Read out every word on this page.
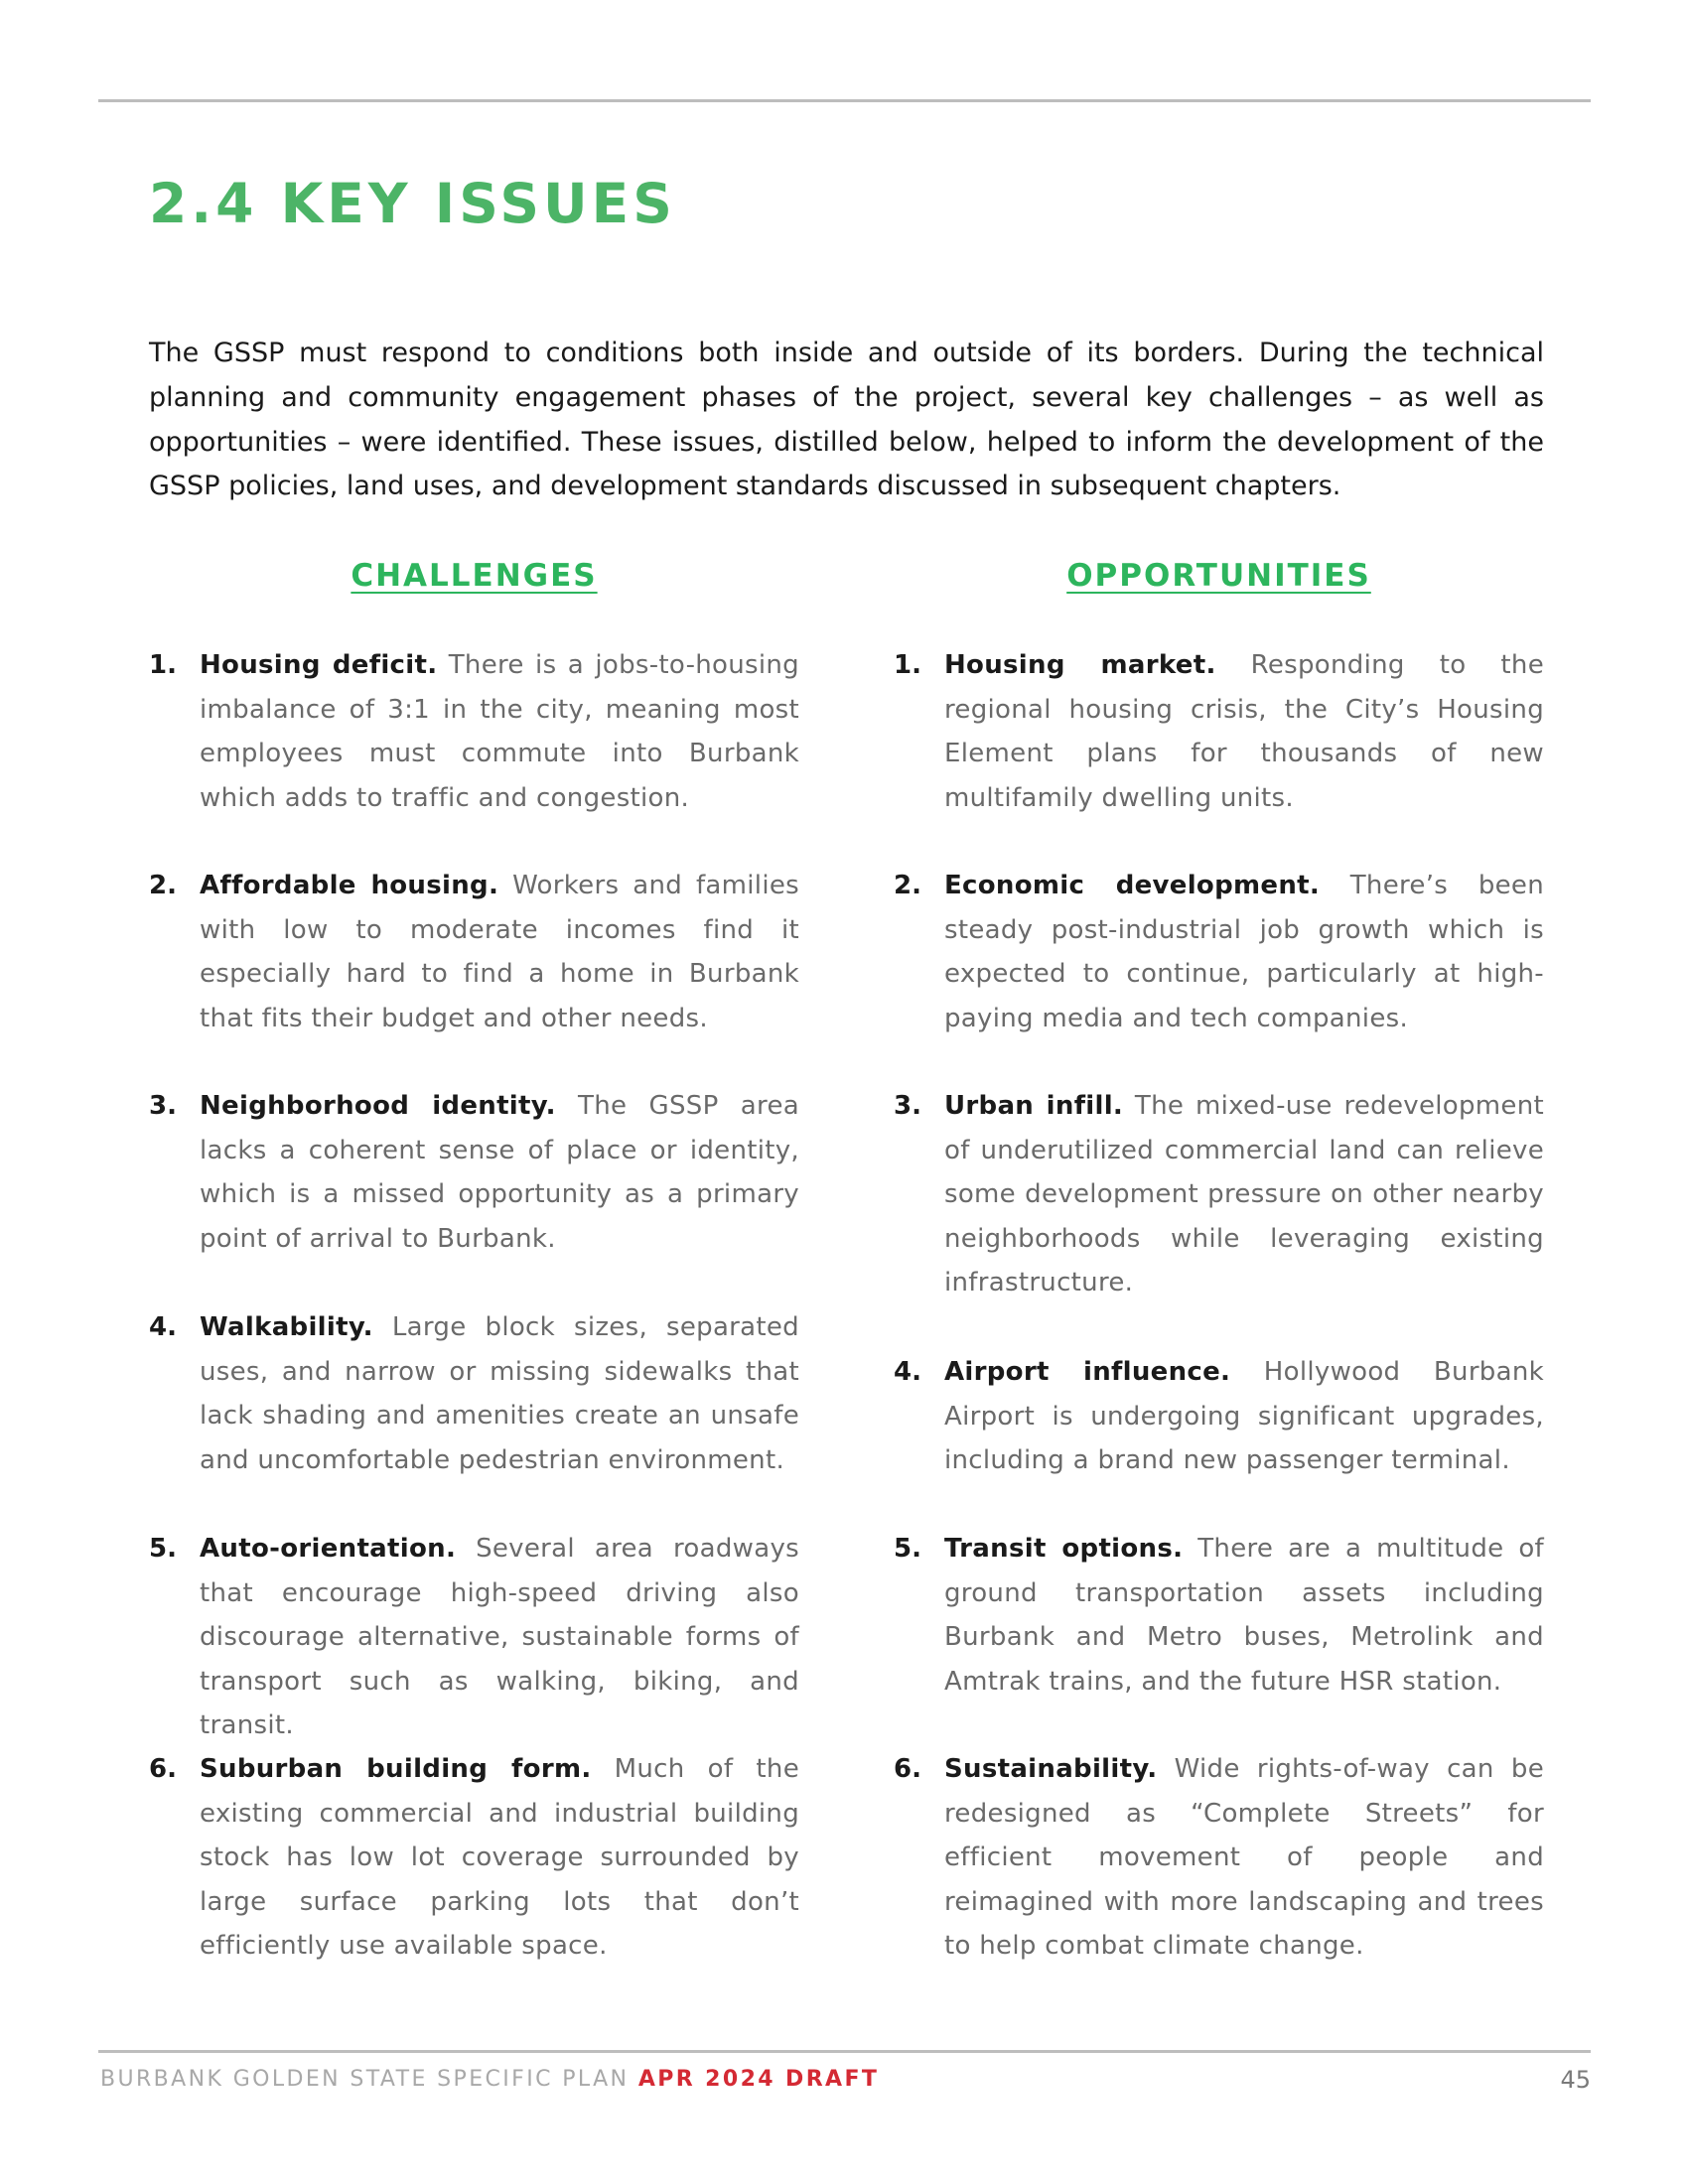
2.4 KEY ISSUES

The GSSP must respond to conditions both inside and outside of its borders. During the technical planning and community engagement phases of the project, several key challenges – as well as opportunities – were identified. These issues, distilled below, helped to inform the development of the GSSP policies, land uses, and development standards discussed in subsequent chapters.

CHALLENGES	OPPORTUNITIES
1. Housing deficit. There is a jobs-to-housing imbalance of 3:1 in the city, meaning most employees must commute into Burbank which adds to traffic and congestion.
2. Affordable housing. Workers and families with low to moderate incomes find it especially hard to find a home in Burbank that fits their budget and other needs.
3. Neighborhood identity. The GSSP area lacks a coherent sense of place or identity, which is a missed opportunity as a primary point of arrival to Burbank.
4. Walkability. Large block sizes, separated uses, and narrow or missing sidewalks that lack shading and amenities create an unsafe and uncomfortable pedestrian environment.
5. Auto-orientation. Several area roadways that encourage high-speed driving also discourage alternative, sustainable forms of transport such as walking, biking, and transit.
6. Suburban building form. Much of the existing commercial and industrial building stock has low lot coverage surrounded by large surface parking lots that don’t efficiently use available space.
1. Housing market. Responding to the regional housing crisis, the City’s Housing Element plans for thousands of new multifamily dwelling units.
2. Economic development. There’s been steady post-industrial job growth which is expected to continue, particularly at high-paying media and tech companies.
3. Urban infill. The mixed-use redevelopment of underutilized commercial land can relieve some development pressure on other nearby neighborhoods while leveraging existing infrastructure.
4. Airport influence. Hollywood Burbank Airport is undergoing significant upgrades, including a brand new passenger terminal.
5. Transit options. There are a multitude of ground transportation assets including Burbank and Metro buses, Metrolink and Amtrak trains, and the future HSR station.
6. Sustainability. Wide rights-of-way can be redesigned as “Complete Streets” for efficient movement of people and reimagined with more landscaping and trees to help combat climate change.
BURBANK GOLDEN STATE SPECIFIC PLAN APR 2024 DRAFT	45
